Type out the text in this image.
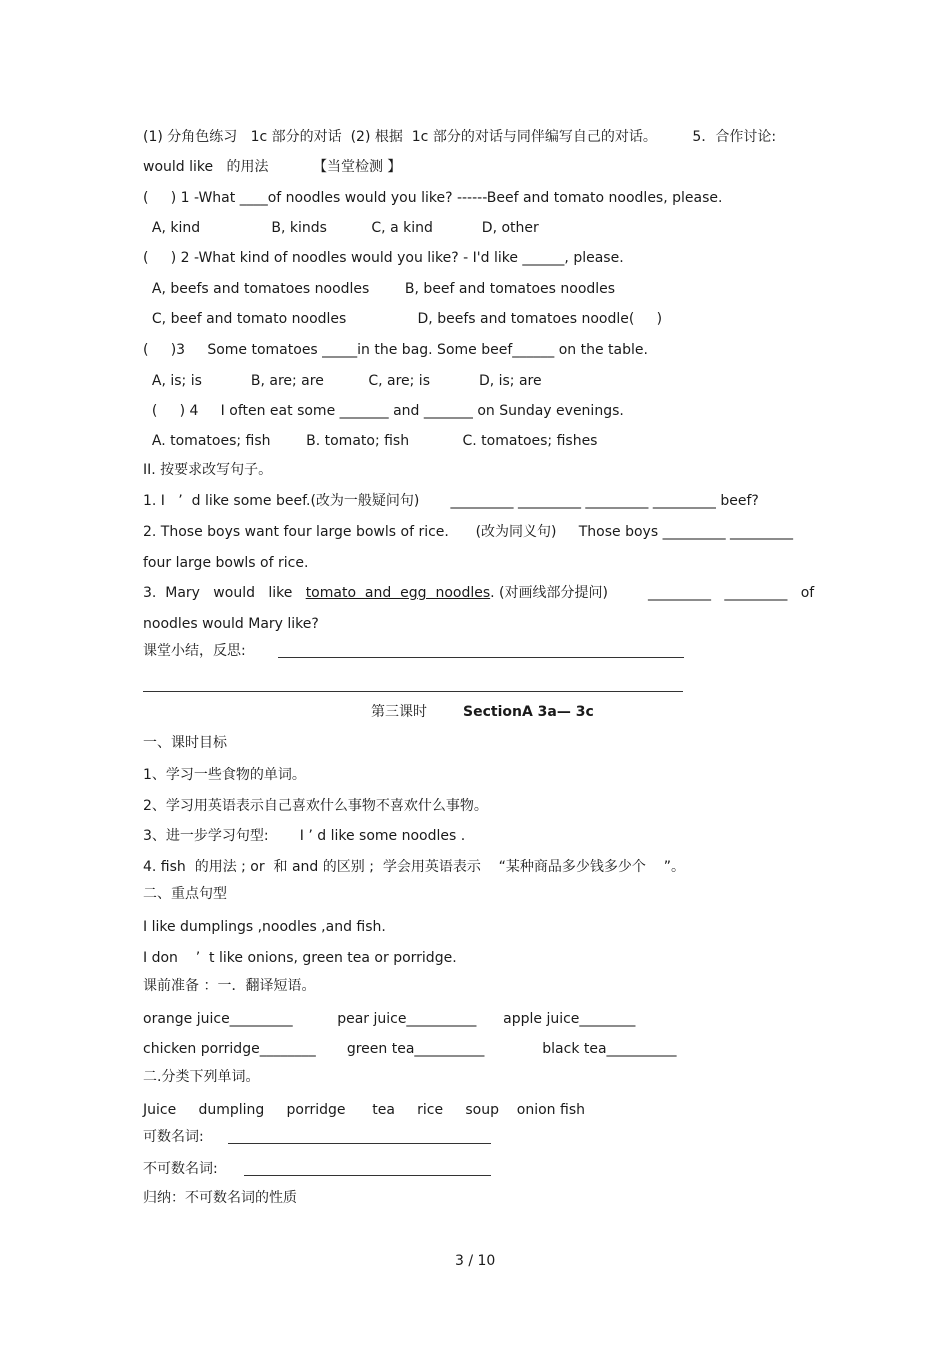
(1) 分角色练习   1c 部分的对话  (2) 根据  1c 部分的对话与同伴编写自己的对话。        5．合作讨论:
would like   的用法          【当堂检测 】
(     ) 1 -What ____of noodles would you like? ------Beef and tomato noodles, please.
A, kind                B, kinds          C, a kind           D, other
(     ) 2 -What kind of noodles would you like? - I'd like ______, please.
A, beefs and tomatoes noodles        B, beef and tomatoes noodles
C, beef and tomato noodles                D, beefs and tomatoes noodle(     )
(     )3     Some tomatoes _____in the bag. Some beef______ on the table.
A, is; is           B, are; are          C, are; is           D, is; are
(     ) 4     I often eat some _______ and _______ on Sunday evenings.
A. tomatoes; fish        B. tomato; fish            C. tomatoes; fishes
II. 按要求改写句子。
1. I   ’  d like some beef.(改为一般疑问句)       _________ _________ _________ _________ beef?
2. Those boys want four large bowls of rice.      (改为同义句)     Those boys _________ _________
four large bowls of rice.
3.  Mary   would   like   tomato  and  egg  noodles. (对画线部分提问)         _________   _________   of
noodles would Mary like?
课堂小结，反思:
第三课时	SectionA 3a— 3c
一、课时目标
1、学习一些食物的单词。
2、学习用英语表示自己喜欢什么事物不喜欢什么事物。
3、进一步学习句型:       I ’ d like some noodles .
4. fish  的用法 ; or  和 and 的区别 ;  学会用英语表示    “某种商品多少钱多少个    ”。
二、重点句型
I like dumplings ,noodles ,and fish.
I don    ’  t like onions, green tea or porridge.
课前准备 ：一．翻译短语。
orange juice_________          pear juice__________      apple juice________
chicken porridge________       green tea__________             black tea__________
二.分类下列单词。
Juice     dumpling     porridge      tea     rice     soup    onion fish
可数名词:
不可数名词:
归纳：不可数名词的性质
3 / 10
